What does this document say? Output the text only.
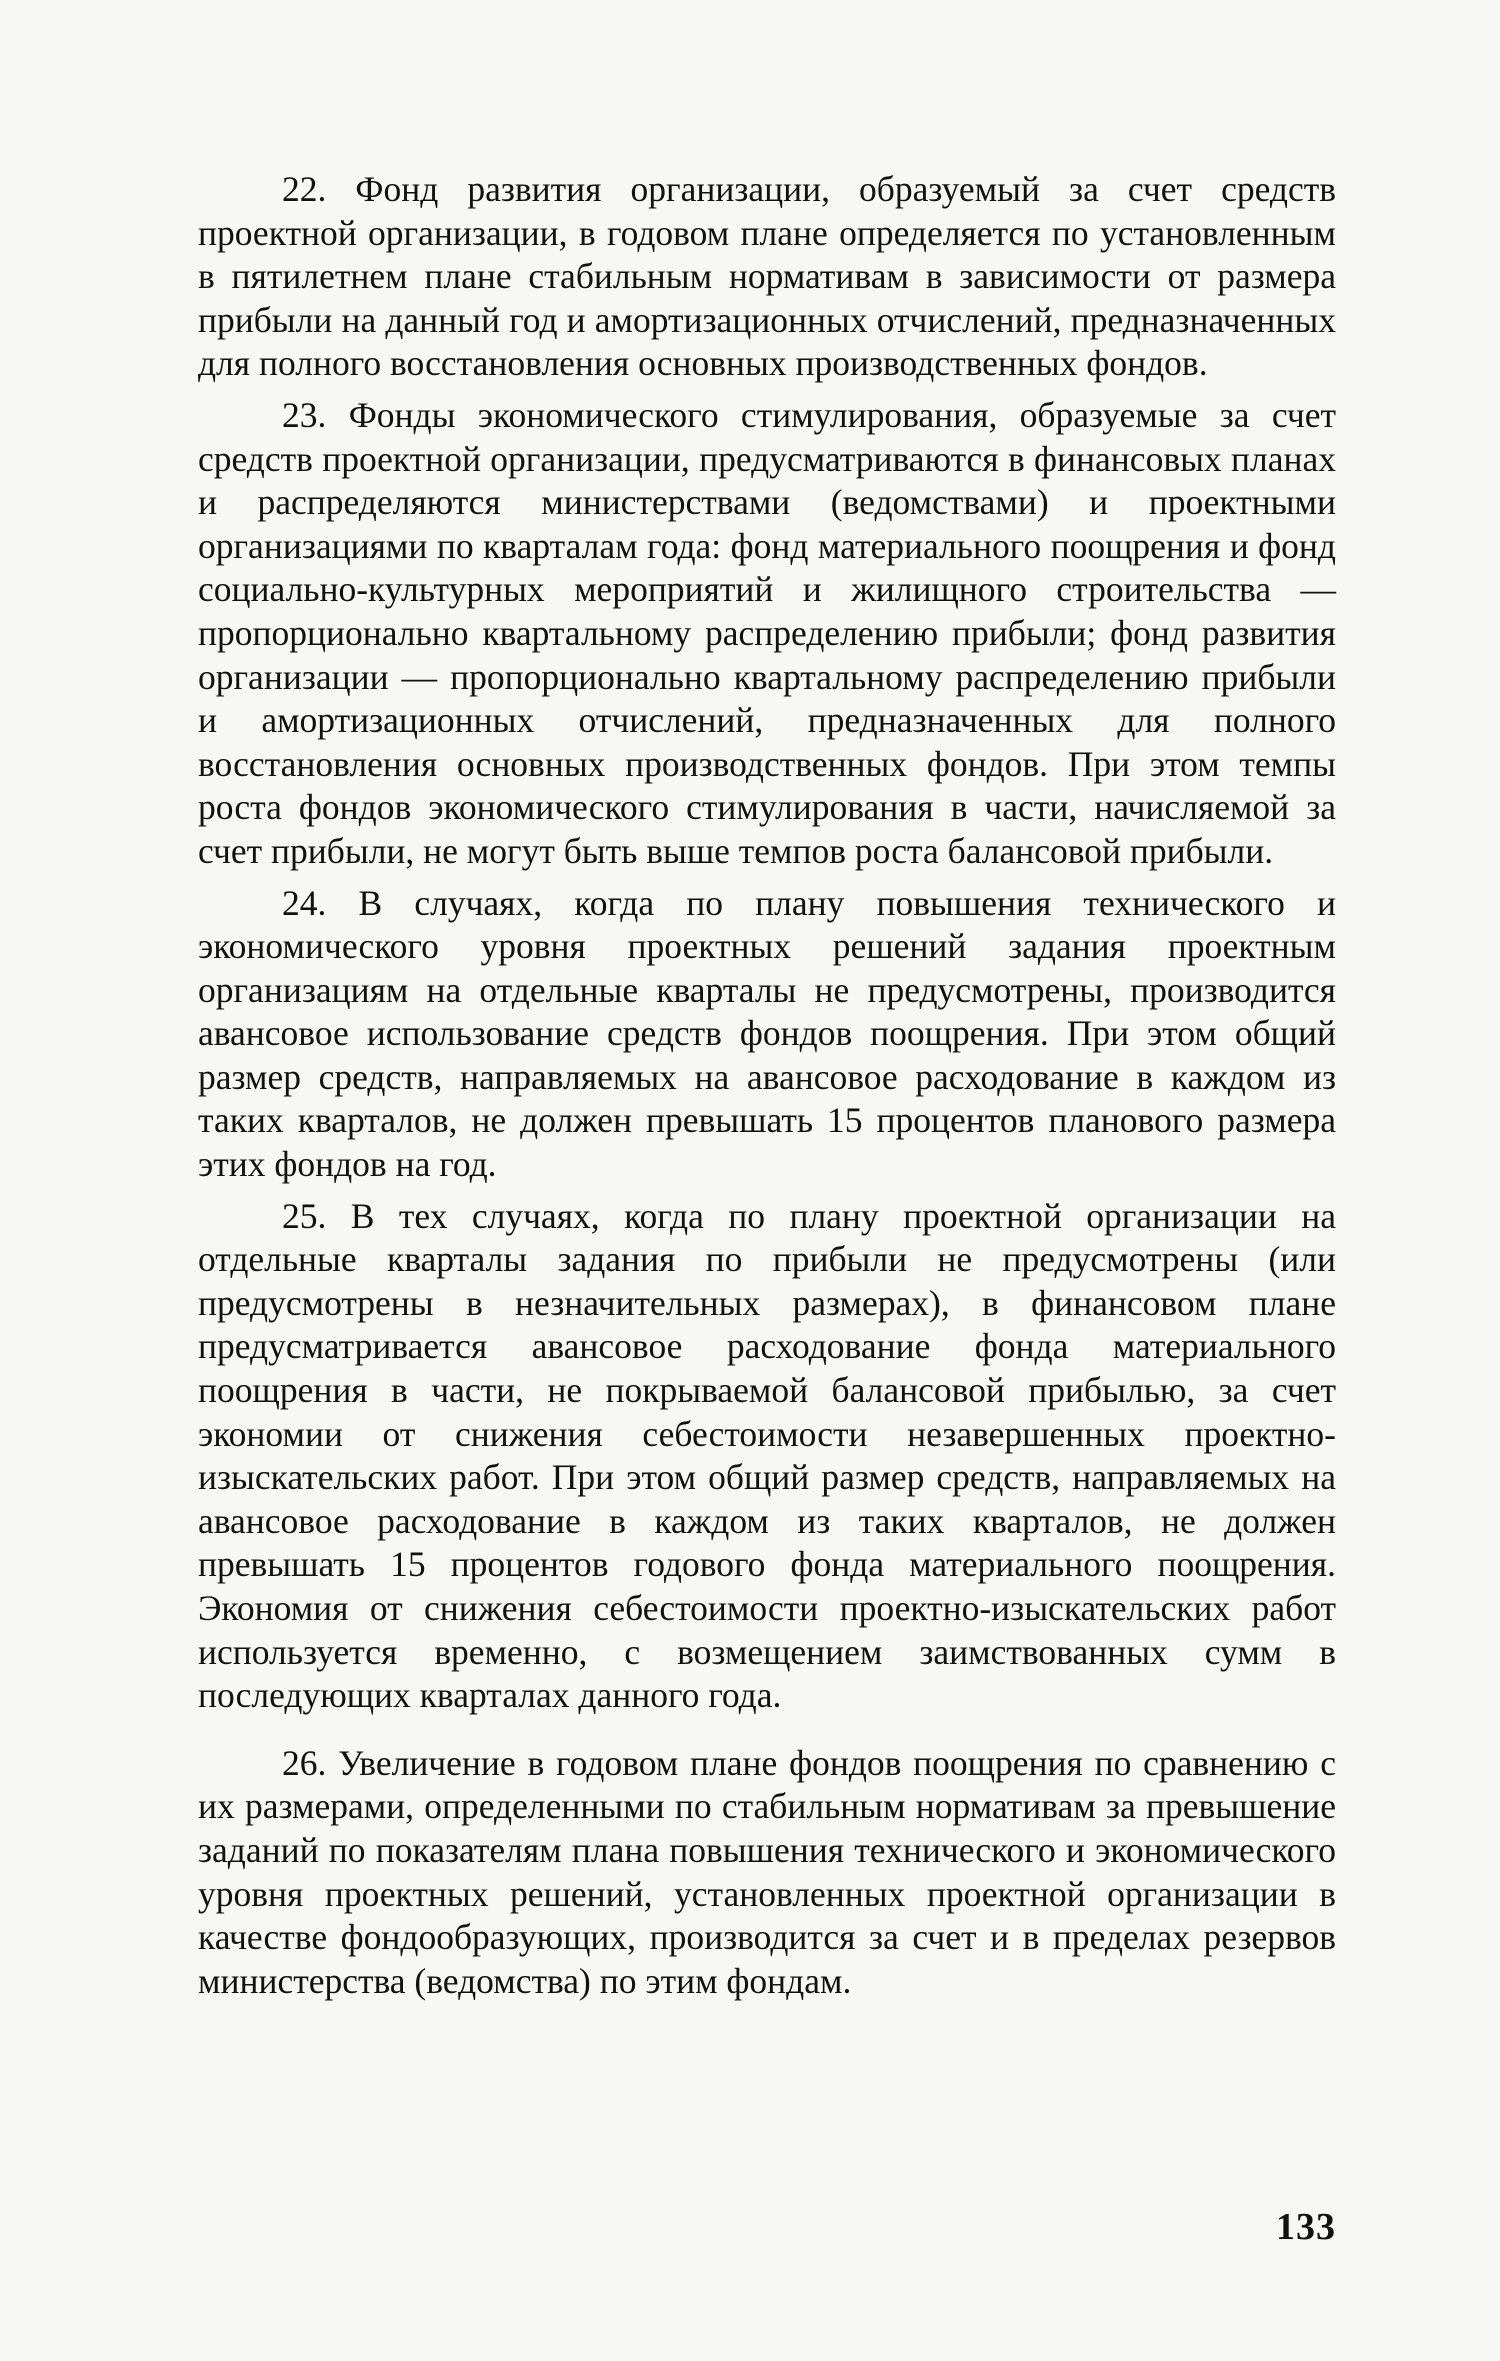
22. Фонд развития организации, образуемый за счет средств проектной организации, в годовом плане определяется по установленным в пятилетнем плане стабильным нормативам в зависимости от размера прибыли на данный год и амортизационных отчислений, предназначенных для полного восстановления основных производственных фондов.

23. Фонды экономического стимулирования, образуемые за счет средств проектной организации, предусматриваются в финансовых планах и распределяются министерствами (ведомствами) и проектными организациями по кварталам года: фонд материального поощрения и фонд социально-культурных мероприятий и жилищного строительства — пропорционально квартальному распределению прибыли; фонд развития организации — пропорционально квартальному распределению прибыли и амортизационных отчислений, предназначенных для полного восстановления основных производственных фондов. При этом темпы роста фондов экономического стимулирования в части, начисляемой за счет прибыли, не могут быть выше темпов роста балансовой прибыли.

24. В случаях, когда по плану повышения технического и экономического уровня проектных решений задания проектным организациям на отдельные кварталы не предусмотрены, производится авансовое использование средств фондов поощрения. При этом общий размер средств, направляемых на авансовое расходование в каждом из таких кварталов, не должен превышать 15 процентов планового размера этих фондов на год.

25. В тех случаях, когда по плану проектной организации на отдельные кварталы задания по прибыли не предусмотрены (или предусмотрены в незначительных размерах), в финансовом плане предусматривается авансовое расходование фонда материального поощрения в части, не покрываемой балансовой прибылью, за счет экономии от снижения себестоимости незавершенных проектно-изыскательских работ. При этом общий размер средств, направляемых на авансовое расходование в каждом из таких кварталов, не должен превышать 15 процентов годового фонда материального поощрения. Экономия от снижения себестоимости проектно-изыскательских работ используется временно, с возмещением заимствованных сумм в последующих кварталах данного года.

26. Увеличение в годовом плане фондов поощрения по сравнению с их размерами, определенными по стабильным нормативам за превышение заданий по показателям плана повышения технического и экономического уровня проектных решений, установленных проектной организации в качестве фондообразующих, производится за счет и в пределах резервов министерства (ведомства) по этим фондам.

133
